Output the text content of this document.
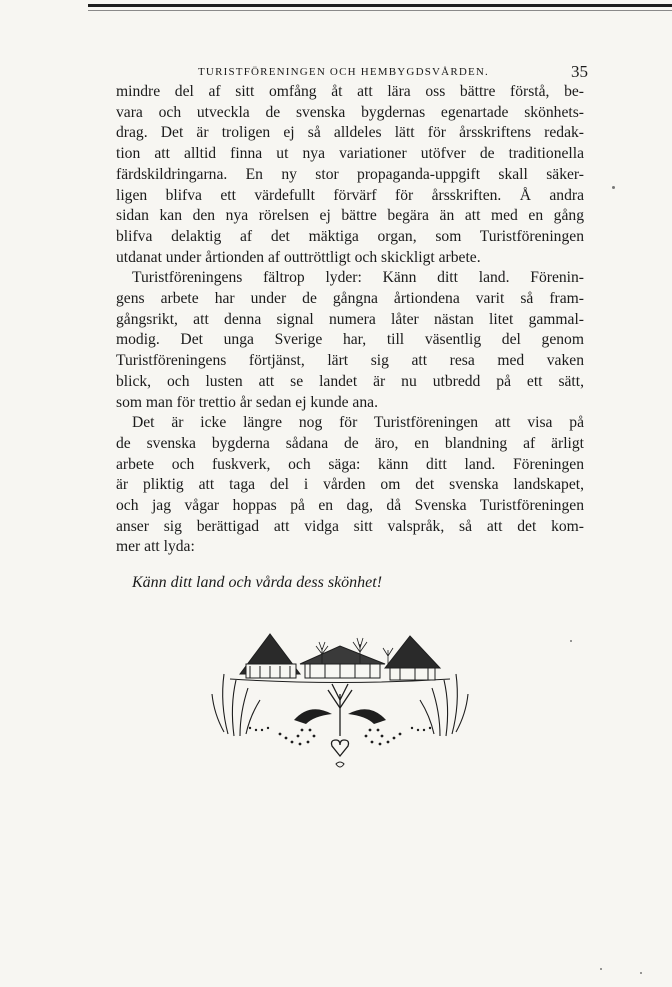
TURISTFÖRENINGEN OCH HEMBYGDSVÅRDEN.	35
mindre del af sitt omfång åt att lära oss bättre förstå, be-
vara och utveckla de svenska bygdernas egenartade skönhets-
drag. Det är troligen ej så alldeles lätt för årsskriftens redak-
tion att alltid finna ut nya variationer utöfver de traditionella
färdskildringarna. En ny stor propaganda-uppgift skall säker-
ligen blifva ett värdefullt förvärf för årsskriften. Å andra
sidan kan den nya rörelsen ej bättre begära än att med en gång
blifva delaktig af det mäktiga organ, som Turistföreningen
utdanat under årtionden af outtröttligt och skickligt arbete.
Turistföreningens fältrop lyder: Känn ditt land. Förenin-
gens arbete har under de gångna årtiondena varit så fram-
gångsrikt, att denna signal numera låter nästan litet gammal-
modig. Det unga Sverige har, till väsentlig del genom
Turistföreningens förtjänst, lärt sig att resa med vaken
blick, och lusten att se landet är nu utbredd på ett sätt,
som man för trettio år sedan ej kunde ana.
Det är icke längre nog för Turistföreningen att visa på
de svenska bygderna sådana de äro, en blandning af ärligt
arbete och fuskverk, och säga: känn ditt land. Föreningen
är pliktig att taga del i vården om det svenska landskapet,
och jag vågar hoppas på en dag, då Svenska Turistföreningen
anser sig berättigad att vidga sitt valspråk, så att det kom-
mer att lyda:
Känn ditt land och vårda dess skönhet!
